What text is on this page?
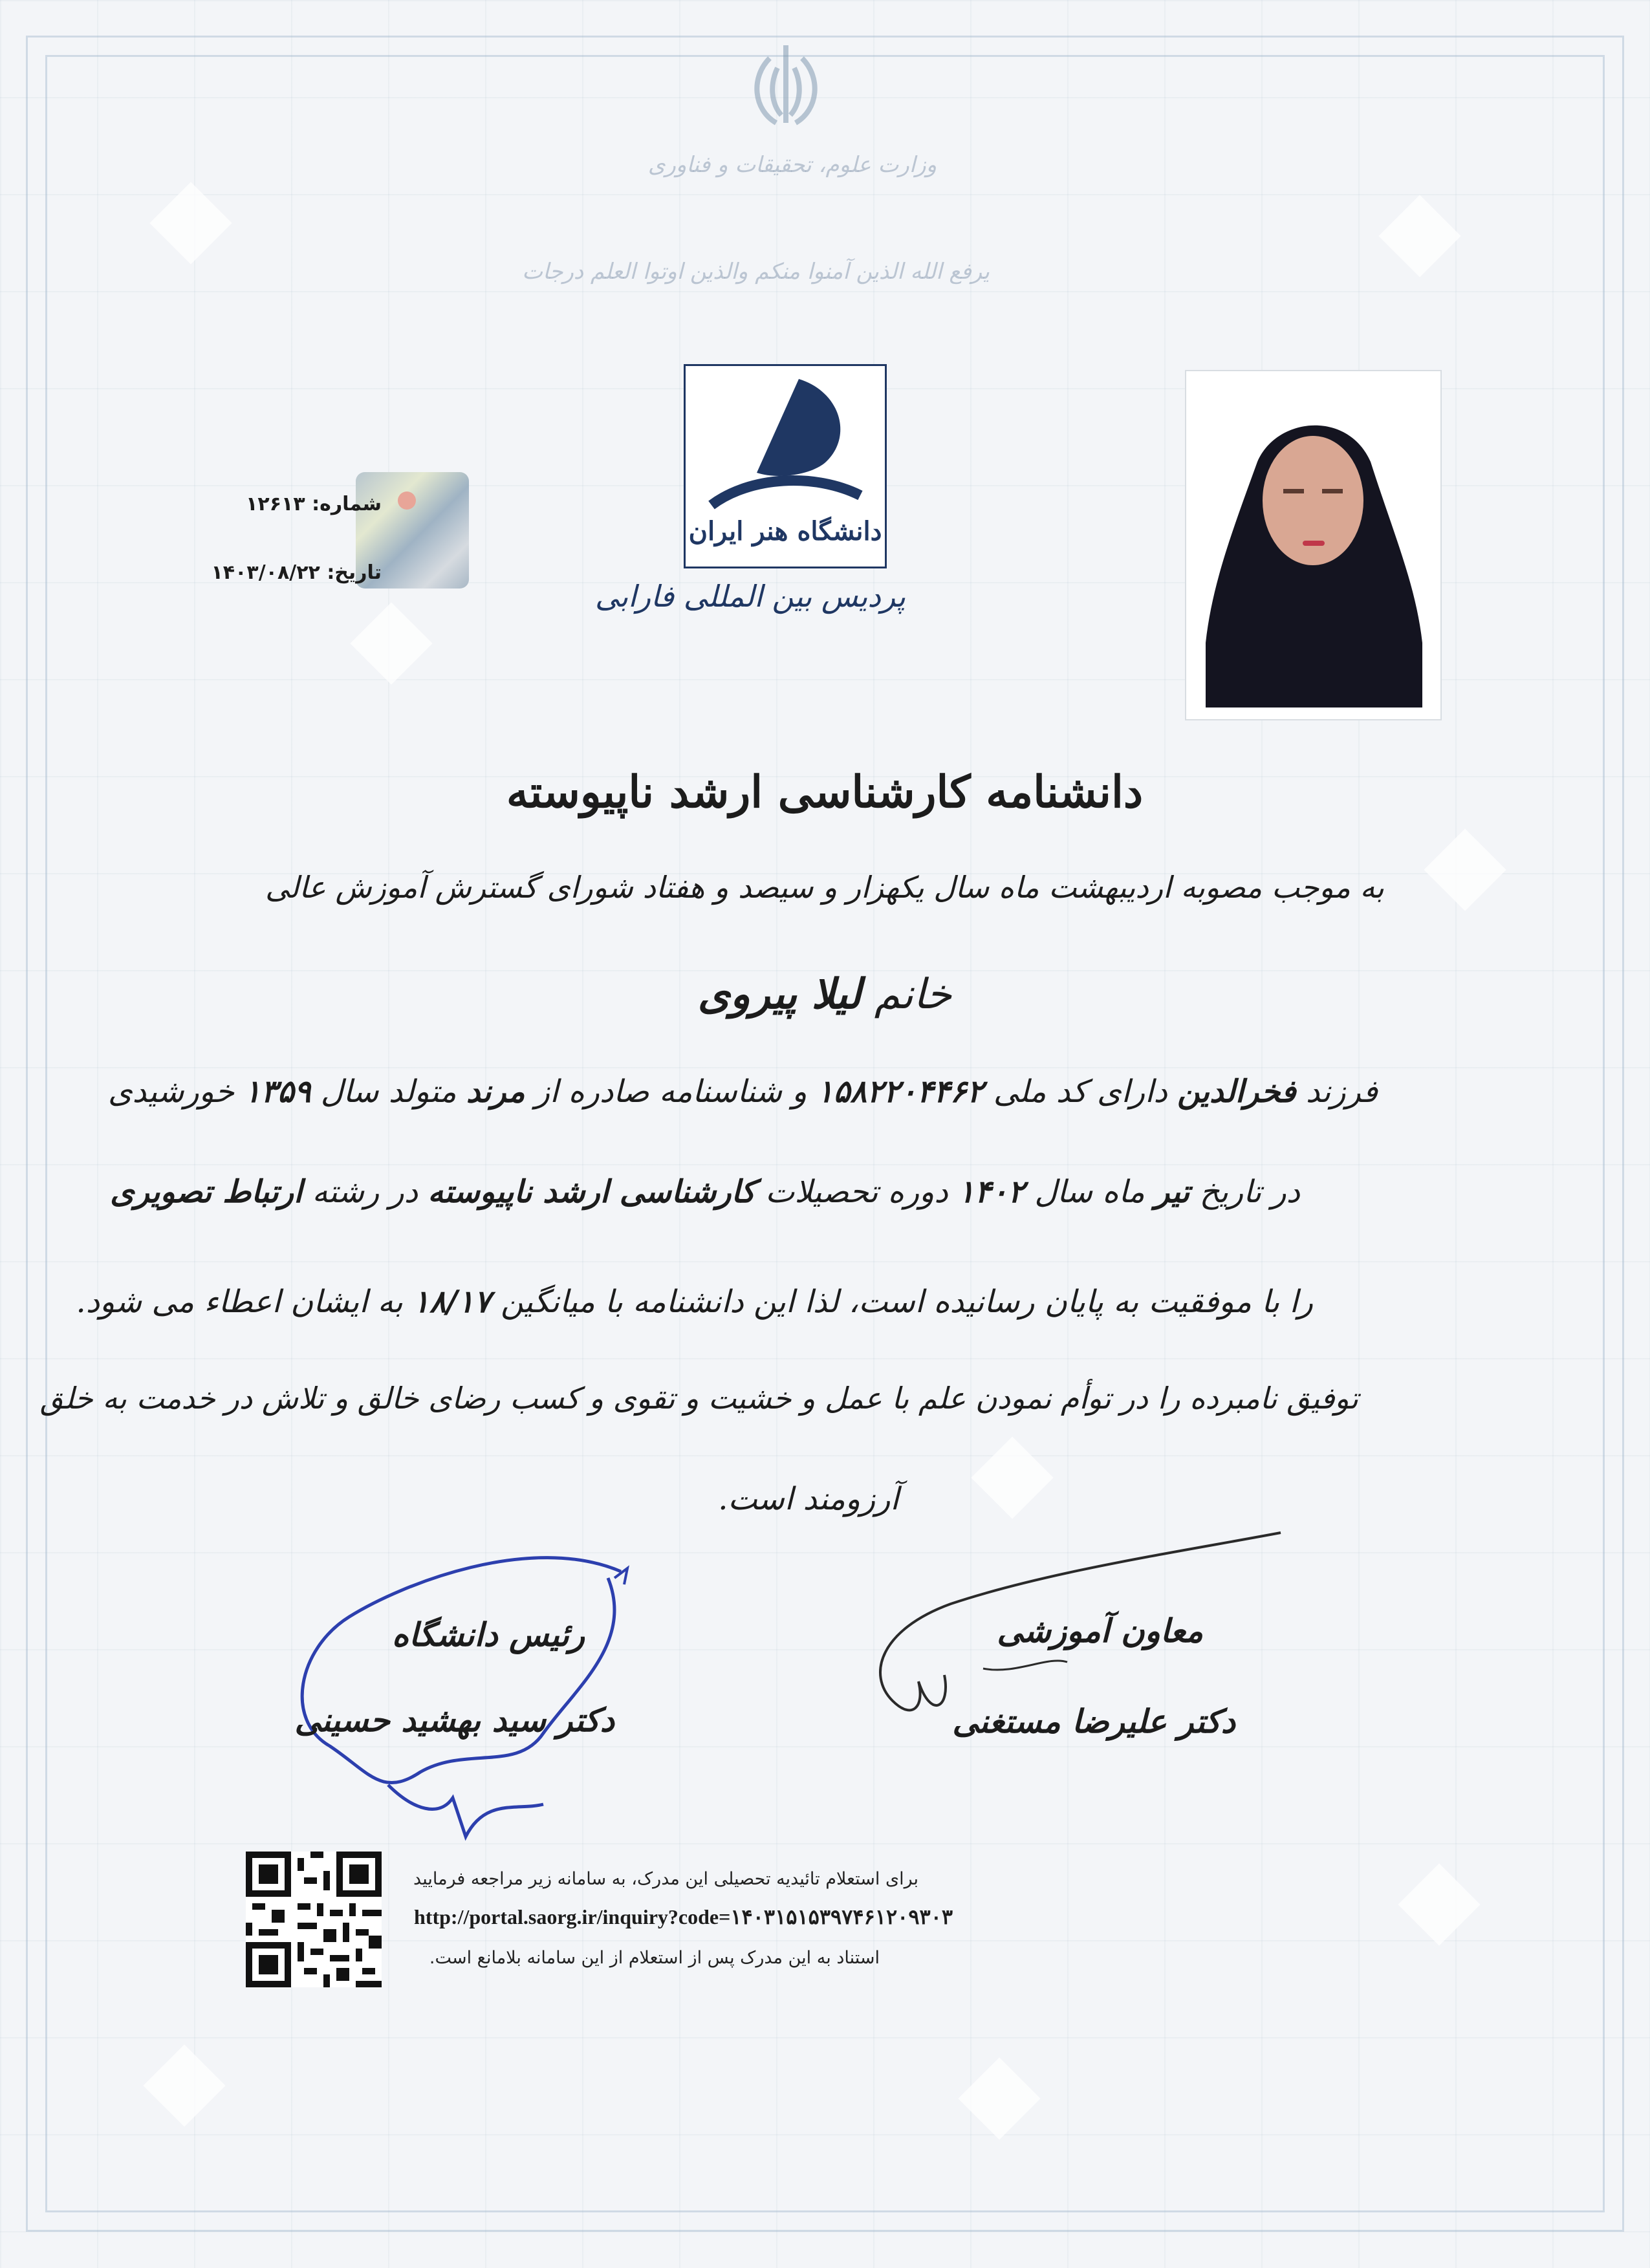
وزارت علوم، تحقیقات و فناوری
یرفع الله الذین آمنوا منکم والذین اوتوا العلم درجات
دانشگاه هنر ایران
پردیس بین المللی فارابی
شماره: ۱۲۶۱۳
تاریخ: ۱۴۰۳/۰۸/۲۲
دانشنامه کارشناسی ارشد ناپیوسته
به موجب مصوبه اردیبهشت ماه سال یکهزار و سیصد و هفتاد شورای گسترش آموزش عالی
خانم لیلا پیروی
فرزند فخرالدین دارای کد ملی ۱۵۸۲۲۰۴۴۶۲ و شناسنامه صادره از مرند متولد سال ۱۳۵۹ خورشیدی
در تاریخ تیر ماه سال ۱۴۰۲ دوره تحصیلات کارشناسی ارشد ناپیوسته در رشته ارتباط تصویری
را با موفقیت به پایان رسانیده است، لذا این دانشنامه با میانگین ۱۸/۱۷ به ایشان اعطاء می شود.
توفیق نامبرده را در توأم نمودن علم با عمل و خشیت و تقوی و کسب رضای خالق و تلاش در خدمت به خلق
آرزومند است.
رئیس دانشگاه
دکتر سید بهشید حسینی
معاون آموزشی
دکتر علیرضا مستغنی
برای استعلام تائیدیه تحصیلی این مدرک، به سامانه زیر مراجعه فرمایید
http://portal.saorg.ir/inquiry?code=۱۴۰۳۱۵۱۵۳۹۷۴۶۱۲۰۹۳۰۳
استناد به این مدرک پس از استعلام از این سامانه بلامانع است.
